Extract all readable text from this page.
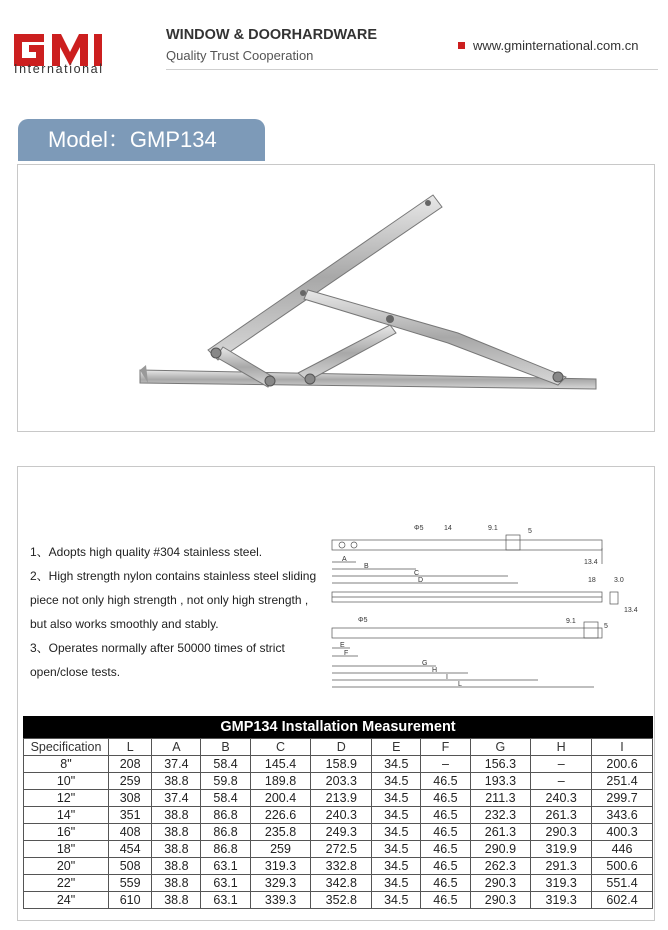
International
WINDOW & DOORHARDWARE
Quality Trust Cooperation
www.gminternational.com.cn
Model：GMP134
1、Adopts high quality #304 stainless steel.
2、High strength nylon contains stainless steel sliding
piece not only high strength , not only high strength ,
but also works smoothly and stably.
3、Operates normally after 50000 times of strict
open/close tests.
Φ5	14	9.1	5
13.4
A
B
C
D	18	3.0
13.4
Φ5	9.1
5
E
F
G
H
I
L
GMP134 Installation Measurement
Specification	L	A	B	C	D	E	F	G	H	I
8"	208	37.4	58.4	145.4	158.9	34.5	–	156.3	–	200.6
10"	259	38.8	59.8	189.8	203.3	34.5	46.5	193.3	–	251.4
12"	308	37.4	58.4	200.4	213.9	34.5	46.5	211.3	240.3	299.7
14"	351	38.8	86.8	226.6	240.3	34.5	46.5	232.3	261.3	343.6
16"	408	38.8	86.8	235.8	249.3	34.5	46.5	261.3	290.3	400.3
18"	454	38.8	86.8	259	272.5	34.5	46.5	290.9	319.9	446
20"	508	38.8	63.1	319.3	332.8	34.5	46.5	262.3	291.3	500.6
22"	559	38.8	63.1	329.3	342.8	34.5	46.5	290.3	319.3	551.4
24"	610	38.8	63.1	339.3	352.8	34.5	46.5	290.3	319.3	602.4
